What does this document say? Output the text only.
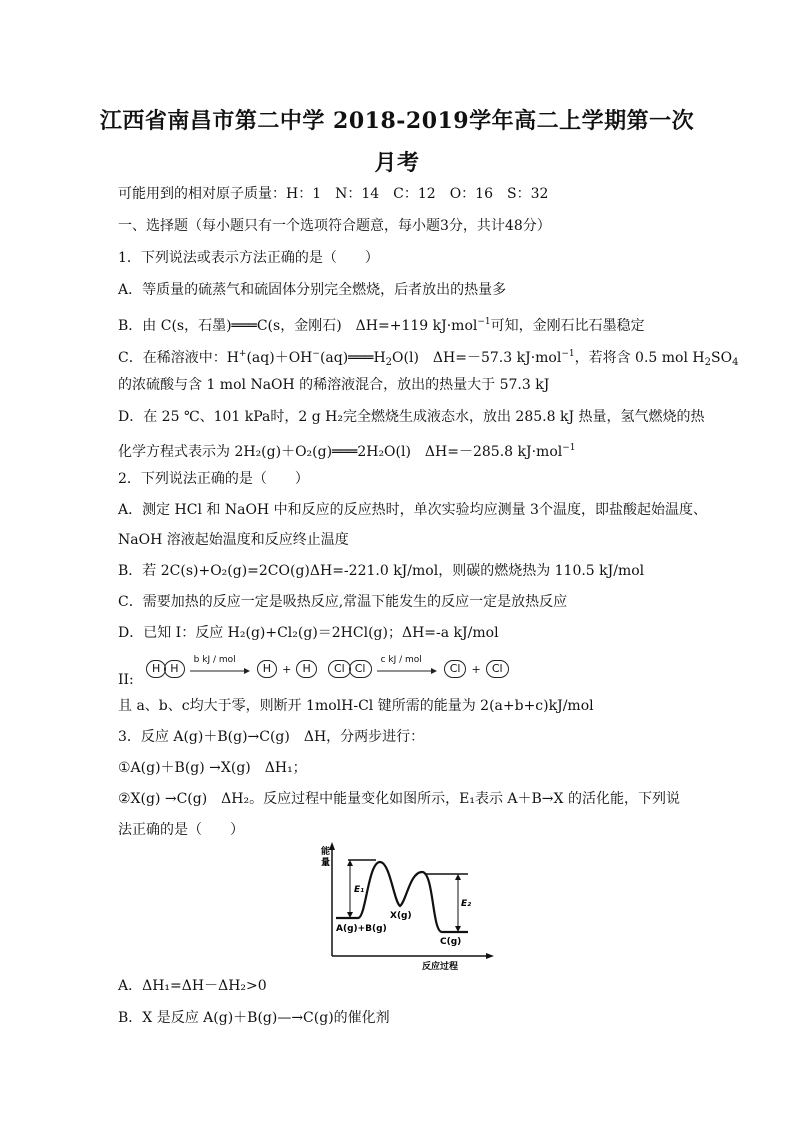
江西省南昌市第二中学 2018-2019学年高二上学期第一次
月考
可能用到的相对原子质量：H：1　N：14　C：12　O：16　S：32
一、选择题（每小题只有一个选项符合题意，每小题3分，共计48分）
1．下列说法或表示方法正确的是（　　）
A．等质量的硫蒸气和硫固体分别完全燃烧，后者放出的热量多
B．由 C(s，石墨)═══C(s，金刚石)　ΔH=+119 kJ·mol$^{-1}$可知，金刚石比石墨稳定
C．在稀溶液中：$H^+(aq)+OH^-(aq)═══H_2O(l)$　ΔH=－57.3 kJ·mol$^{-1}$，若将含 0.5 mol $H_2SO_4$
的浓硫酸与含 1 mol NaOH 的稀溶液混合，放出的热量大于 57.3 kJ
D．在 25 ℃、101 kPa时，2 g H₂完全燃烧生成液态水，放出 285.8 kJ 热量，氢气燃烧的热
化学方程式表示为 2H₂(g)＋O₂(g)═══2H₂O(l)　ΔH=－285.8 kJ·mol$^{-1}$
2．下列说法正确的是（　　）
A．测定 HCl 和 NaOH 中和反应的反应热时，单次实验均应测量 3个温度，即盐酸起始温度、
NaOH 溶液起始温度和反应终止温度
B．若 2C(s)+O₂(g)=2CO(g)ΔH=-221.0 kJ/mol，则碳的燃烧热为 110.5 kJ/mol
C．需要加热的反应一定是吸热反应,常温下能发生的反应一定是放热反应
D．已知 I：反应 H₂(g)+Cl₂(g)＝2HCl(g)；ΔH=-a kJ/mol
II:
H H
b kJ / mol
H + H	Cl Cl
c kJ / mol
Cl + Cl
且 a、b、c均大于零，则断开 1molH-Cl 键所需的能量为 2(a+b+c)kJ/mol
3．反应 A(g)＋B(g)→C(g)　ΔH，分两步进行：
①A(g)＋B(g) →X(g)　ΔH₁；
②X(g) →C(g)　ΔH₂。反应过程中能量变化如图所示，E₁表示 A＋B→X 的活化能，下列说
法正确的是（　　）
能
量
E₁
E₂
X(g)
A(g)+B(g)
C(g)
反应过程
A．ΔH₁=ΔH－ΔH₂>0
B．X 是反应 A(g)＋B(g)—→C(g)的催化剂
